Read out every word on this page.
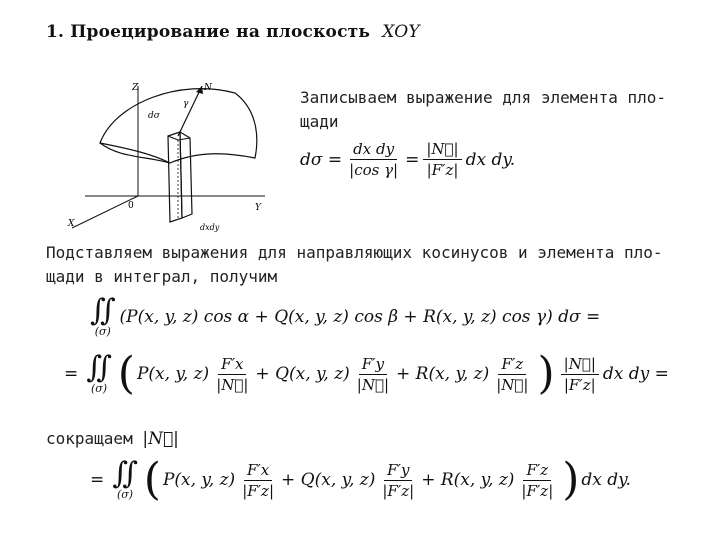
1. Проецирование на плоскость XOY
Z
Y
X
0
N
γ
dσ
dxdy
Записываем выражение для элемента пло-
щади
$d\sigma = \frac{\text{dx dy}}{\text{|cos γ|}} = \frac{|N⃗|}{|F'z|}$ dx dy.
Подставляем выражения для направляющих косинусов и элемента пло-
щади в интеграл, получим
∬
(σ)
(P(x, y, z) cos α + Q(x, y, z) cos β + R(x, y, z) cos γ) dσ =
= ∬
(σ) ( P(x, y, $z) \frac{F'x}{|N⃗|} + Q(x$, y, $z) \frac{F'y}{|N⃗|} + R(x$, y, $z) \frac{F'z}{|N⃗|}$ ) $\frac{|N⃗|}{|F'z|}$ dx dy =
сокращаем |N⃗|
= ∬
(σ) ( P(x, y, $z) \frac{F'x}{|F'z|} + Q(x$, y, $z) \frac{F'y}{|F'z|} + R(x$, y, $z) \frac{F'z}{|F'z|}$ ) dx dy.
